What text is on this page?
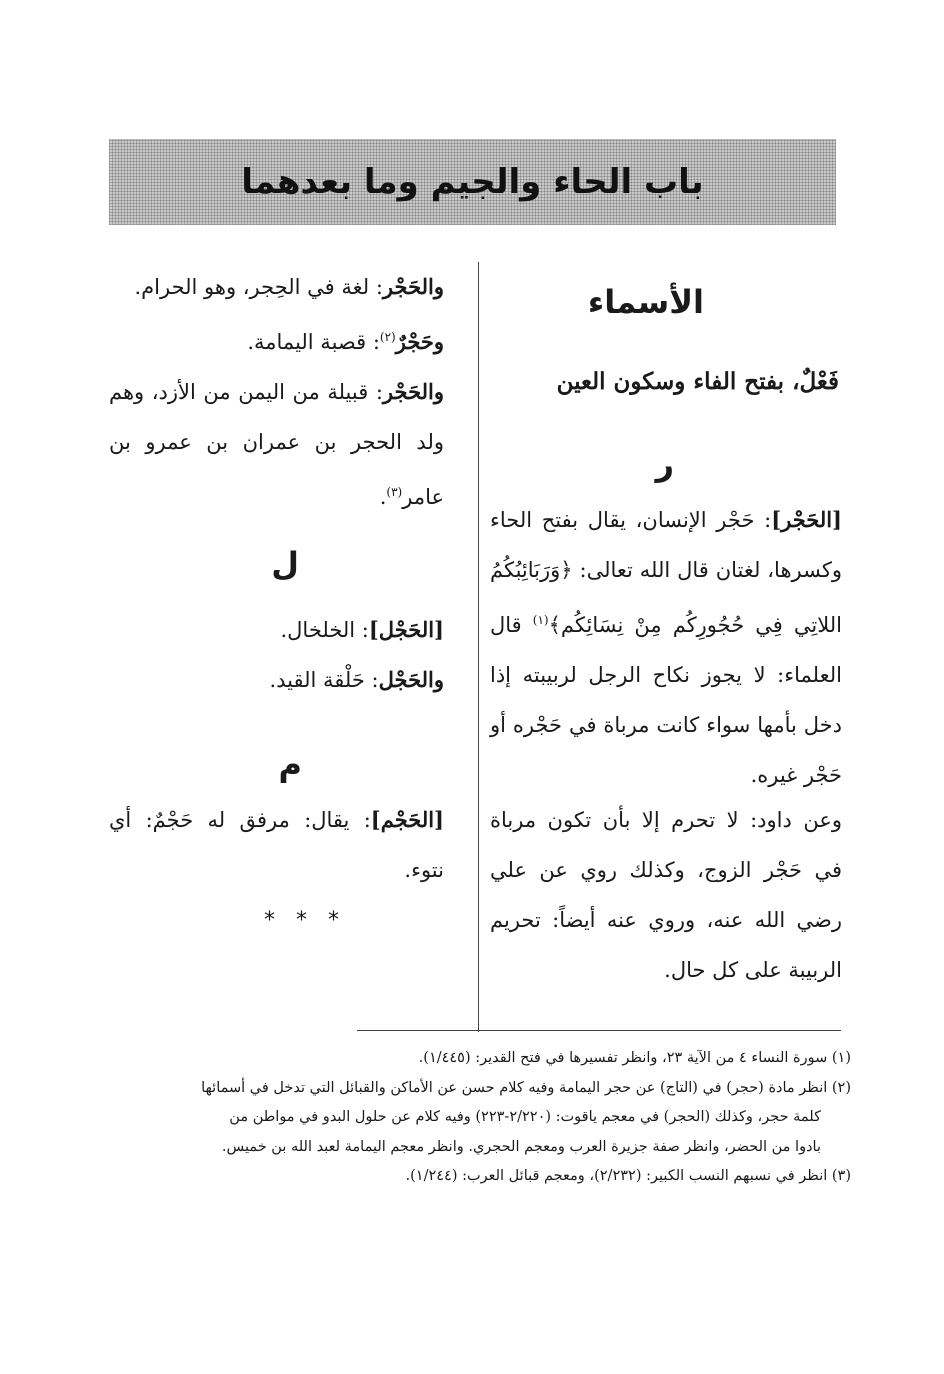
باب الحاء والجيم وما بعدهما
الأسماء
فَعْلٌ، بفتح الفاء وسكون العين
ر

[الحَجْر]: حَجْر الإنسان، يقال بفتح الحاء وكسرها، لغتان قال الله تعالى: ﴿وَرَبَائِبُكُمُ اللاتِي فِي حُجُورِكُم مِنْ نِسَائِكُم﴾$^{(١)}$ قال العلماء: لا يجوز نكاح الرجل لربيبته إذا دخل بأمها سواء كانت مرباة في حَجْره أو حَجْر غيره.

وعن داود: لا تحرم إلا بأن تكون مرباة في حَجْر الزوج، وكذلك روي عن علي رضي الله عنه، وروي عنه أيضاً: تحريم الربيبة على كل حال.

والحَجْر: لغة في الحِجر، وهو الحرام.

وحَجْرٌ$^{(٢)}$: قصبة اليمامة.

والحَجْر: قبيلة من اليمن من الأزد، وهم ولد الحجر بن عمران بن عمرو بن عامر$^{(٣)}$.

ل

[الحَجْل]: الخلخال.

والحَجْل: حَلْقة القيد.

م

[الحَجْم]: يقال: مرفق له حَجْمٌ: أي نتوء.

* * *

(١) سورة النساء ٤ من الآية ٢٣، وانظر تفسيرها في فتح القدير: (١/٤٤٥).

(٢) انظر مادة (حجر) في (التاج) عن حجر اليمامة وفيه كلام حسن عن الأماكن والقبائل التي تدخل في أسمائها

كلمة حجر، وكذلك (الحجر) في معجم ياقوت: (٢/٢٢٠-٢٢٣) وفيه كلام عن حلول البدو في مواطن من

بادوا من الحضر، وانظر صفة جزيرة العرب ومعجم الحجري. وانظر معجم اليمامة لعبد الله بن خميس.

(٣) انظر في نسبهم النسب الكبير: (٢/٢٣٢)، ومعجم قبائل العرب: (١/٢٤٤).
